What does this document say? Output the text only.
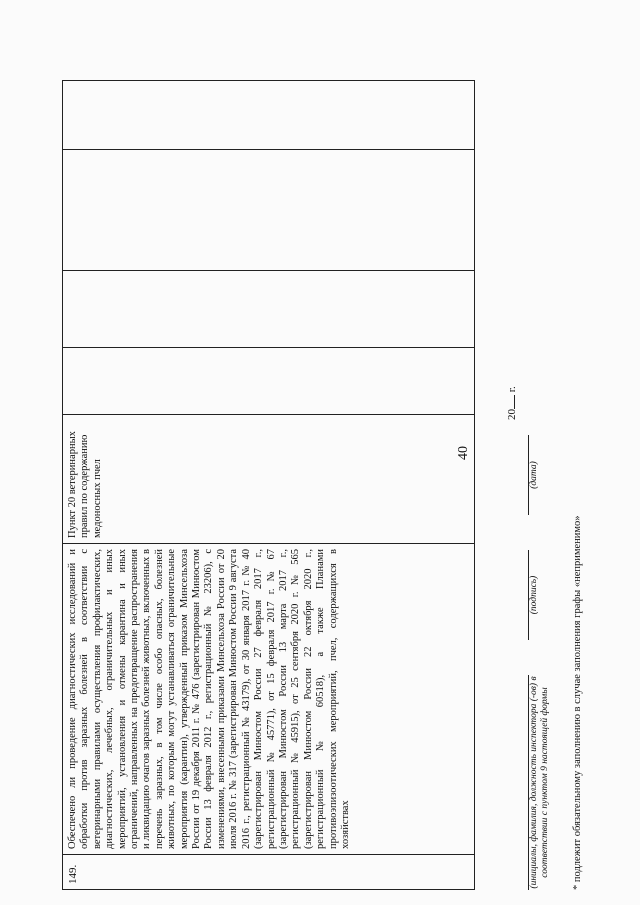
40
149.	Обеспечено ли проведение диагностических исследований и обработки против заразных болезней в соответствии с ветеринарными правилами осуществления профилактических, диагностических, лечебных, ограничительных и иных мероприятий, установления и отмены карантина и иных ограничений, направленных на предотвращение распространения и ликвидацию очагов заразных болезней животных, включенных в перечень заразных, в том числе особо опасных, болезней животных, по которым могут устанавливаться ограничительные мероприятия (карантин), утвержденный приказом Минсельхоза России от 19 декабря 2011 г. № 476 (зарегистрирован Минюстом России 13 февраля 2012 г., регистрационный № 23206), с изменениями, внесенными приказами Минсельхоза России от 20 июля 2016 г. № 317 (зарегистрирован Минюстом России 9 августа 2016 г., регистрационный № 43179), от 30 января 2017 г. № 40 (зарегистрирован Минюстом России 27 февраля 2017 г., регистрационный № 45771), от 15 февраля 2017 г. № 67 (зарегистрирован Минюстом России 13 марта 2017 г., регистрационный № 45915), от 25 сентября 2020 г. № 565 (зарегистрирован Минюстом России 22 октября 2020 г., регистрационный № 60518), а также Планами противоэпизоотических мероприятий, пчел, содержащихся в хозяйствах	Пункт 20 ветеринарных правил по содержанию медоносных пчел				
(инициалы, фамилия, должность инспектора (-ов) в соответствии с пунктом 9 настоящей формы
(подпись)
(дата)
20 г.
* подлежит обязательному заполнению в случае заполнения графы «неприменимо»
